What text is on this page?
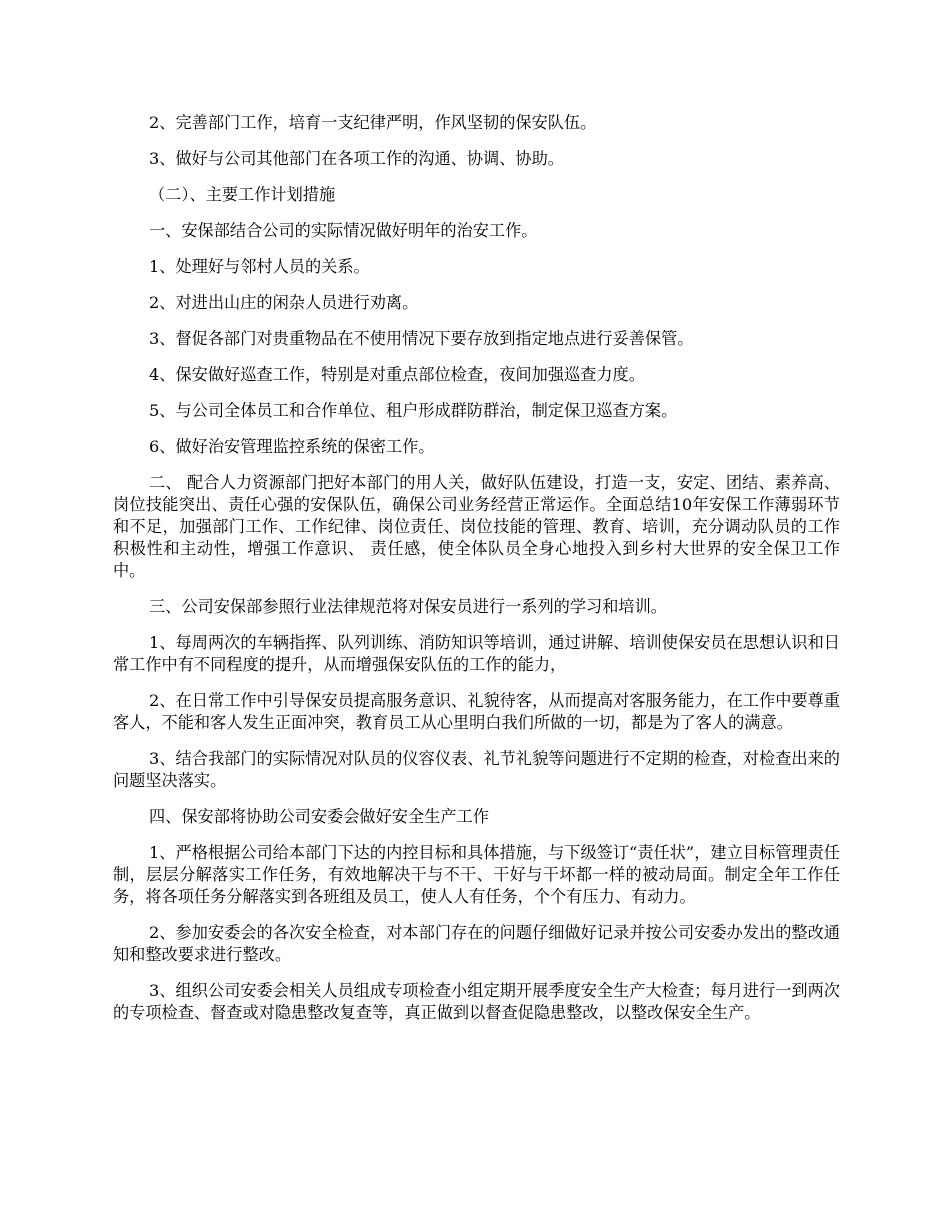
2、完善部门工作，培育一支纪律严明，作风坚韧的保安队伍。

3、做好与公司其他部门在各项工作的沟通、协调、协助。

（二）、主要工作计划措施

一、安保部结合公司的实际情况做好明年的治安工作。

1、处理好与邻村人员的关系。

2、对进出山庄的闲杂人员进行劝离。

3、督促各部门对贵重物品在不使用情况下要存放到指定地点进行妥善保管。

4、保安做好巡查工作，特别是对重点部位检查，夜间加强巡查力度。

5、与公司全体员工和合作单位、租户形成群防群治，制定保卫巡查方案。

6、做好治安管理监控系统的保密工作。

二、 配合人力资源部门把好本部门的用人关，做好队伍建设，打造一支，安定、团结、素养高、岗位技能突出、责任心强的安保队伍，确保公司业务经营正常运作。全面总结10年安保工作薄弱环节和不足，加强部门工作、工作纪律、岗位责任、岗位技能的管理、教育、培训，充分调动队员的工作积极性和主动性，增强工作意识、 责任感，使全体队员全身心地投入到乡村大世界的安全保卫工作中。

三、公司安保部参照行业法律规范将对保安员进行一系列的学习和培训。

1、每周两次的车辆指挥、队列训练、消防知识等培训，通过讲解、培训使保安员在思想认识和日常工作中有不同程度的提升，从而增强保安队伍的工作的能力，

2、在日常工作中引导保安员提高服务意识、礼貌待客，从而提高对客服务能力，在工作中要尊重客人，不能和客人发生正面冲突，教育员工从心里明白我们所做的一切，都是为了客人的满意。

3、结合我部门的实际情况对队员的仪容仪表、礼节礼貌等问题进行不定期的检查，对检查出来的问题坚决落实。

四、保安部将协助公司安委会做好安全生产工作

1、严格根据公司给本部门下达的内控目标和具体措施，与下级签订“责任状”，建立目标管理责任制，层层分解落实工作任务，有效地解决干与不干、干好与干坏都一样的被动局面。制定全年工作任务，将各项任务分解落实到各班组及员工，使人人有任务，个个有压力、有动力。

2、参加安委会的各次安全检查，对本部门存在的问题仔细做好记录并按公司安委办发出的整改通知和整改要求进行整改。

3、组织公司安委会相关人员组成专项检查小组定期开展季度安全生产大检查；每月进行一到两次的专项检查、督查或对隐患整改复查等，真正做到以督查促隐患整改，以整改保安全生产。
